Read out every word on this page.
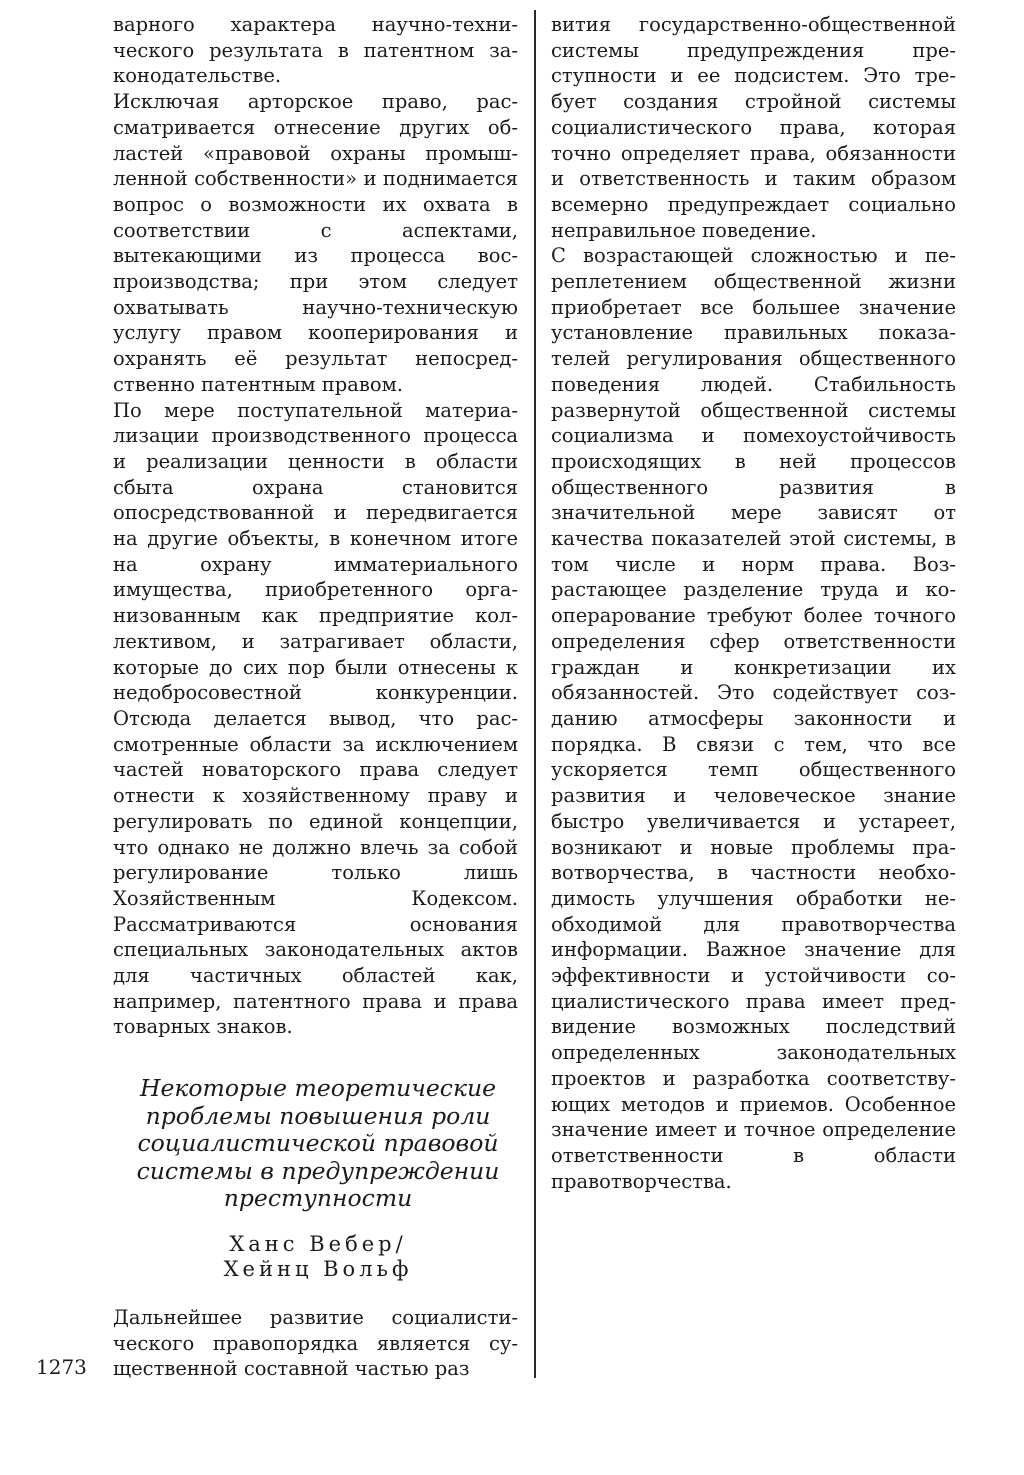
варного характера научно-технического результата в патентном законодательстве.

Исключая арторское право, рассматривается отнесение других областей «правовой охраны промышленной собственности» и поднимается вопрос о возможности их охвата в соответствии с аспектами, вытекающими из процесса воспроизводства; при этом следует охватывать научно-техническую услугу правом кооперирования и охранять её результат непосредственно патентным правом.

По мере поступательной материализации производственного процесса и реализации ценности в области сбыта охрана становится опосредствованной и передвигается на другие объекты, в конечном итоге на охрану имматериального имущества, приобретенного организованным как предприятие коллективом, и затрагивает области, которые до сих пор были отнесены к недобросовестной конкуренции. Отсюда делается вывод, что рассмотренные области за исключением частей новаторского права следует отнести к хозяйственному праву и регулировать по единой концепции, что однако не должно влечь за собой регулирование только лишь Хозяйственным Кодексом. Рассматриваются основания специальных законодательных актов для частичных областей как, например, патентного права и права товарных знаков.

Некоторые теоретические
проблемы повышения роли
социалистической правовой
системы в предупреждении
преступности
Ханс Вебер/
Хейнц Вольф

Дальнейшее развитие социалистического правопорядка является существенной составной частью раз

1273

вития государственно-общественной системы предупреждения преступности и ее подсистем. Это требует создания стройной системы социалистического права, которая точно определяет права, обязанности и ответственность и таким образом всемерно предупреждает социально неправильное поведение.

С возрастающей сложностью и переплетением общественной жизни приобретает все большее значение установление правильных показателей регулирования общественного поведения людей. Стабильность развернутой общественной системы социализма и помехоустойчивость происходящих в ней процессов общественного развития в значительной мере зависят от качества показателей этой системы, в том числе и норм права. Возрастающее разделение труда и кооперарование требуют более точного определения сфер ответственности граждан и конкретизации их обязанностей. Это содействует созданию атмосферы законности и порядка. В связи с тем, что все ускоряется темп общественного развития и человеческое знание быстро увеличивается и устареет, возникают и новые проблемы правотворчества, в частности необходимость улучшения обработки необходимой для правотворчества информации. Важное значение для эффективности и устойчивости социалистического права имеет предвидение возможных последствий определенных законодательных проектов и разработка соответствующих методов и приемов. Особенное значение имеет и точное определение ответственности в области правотворчества.
